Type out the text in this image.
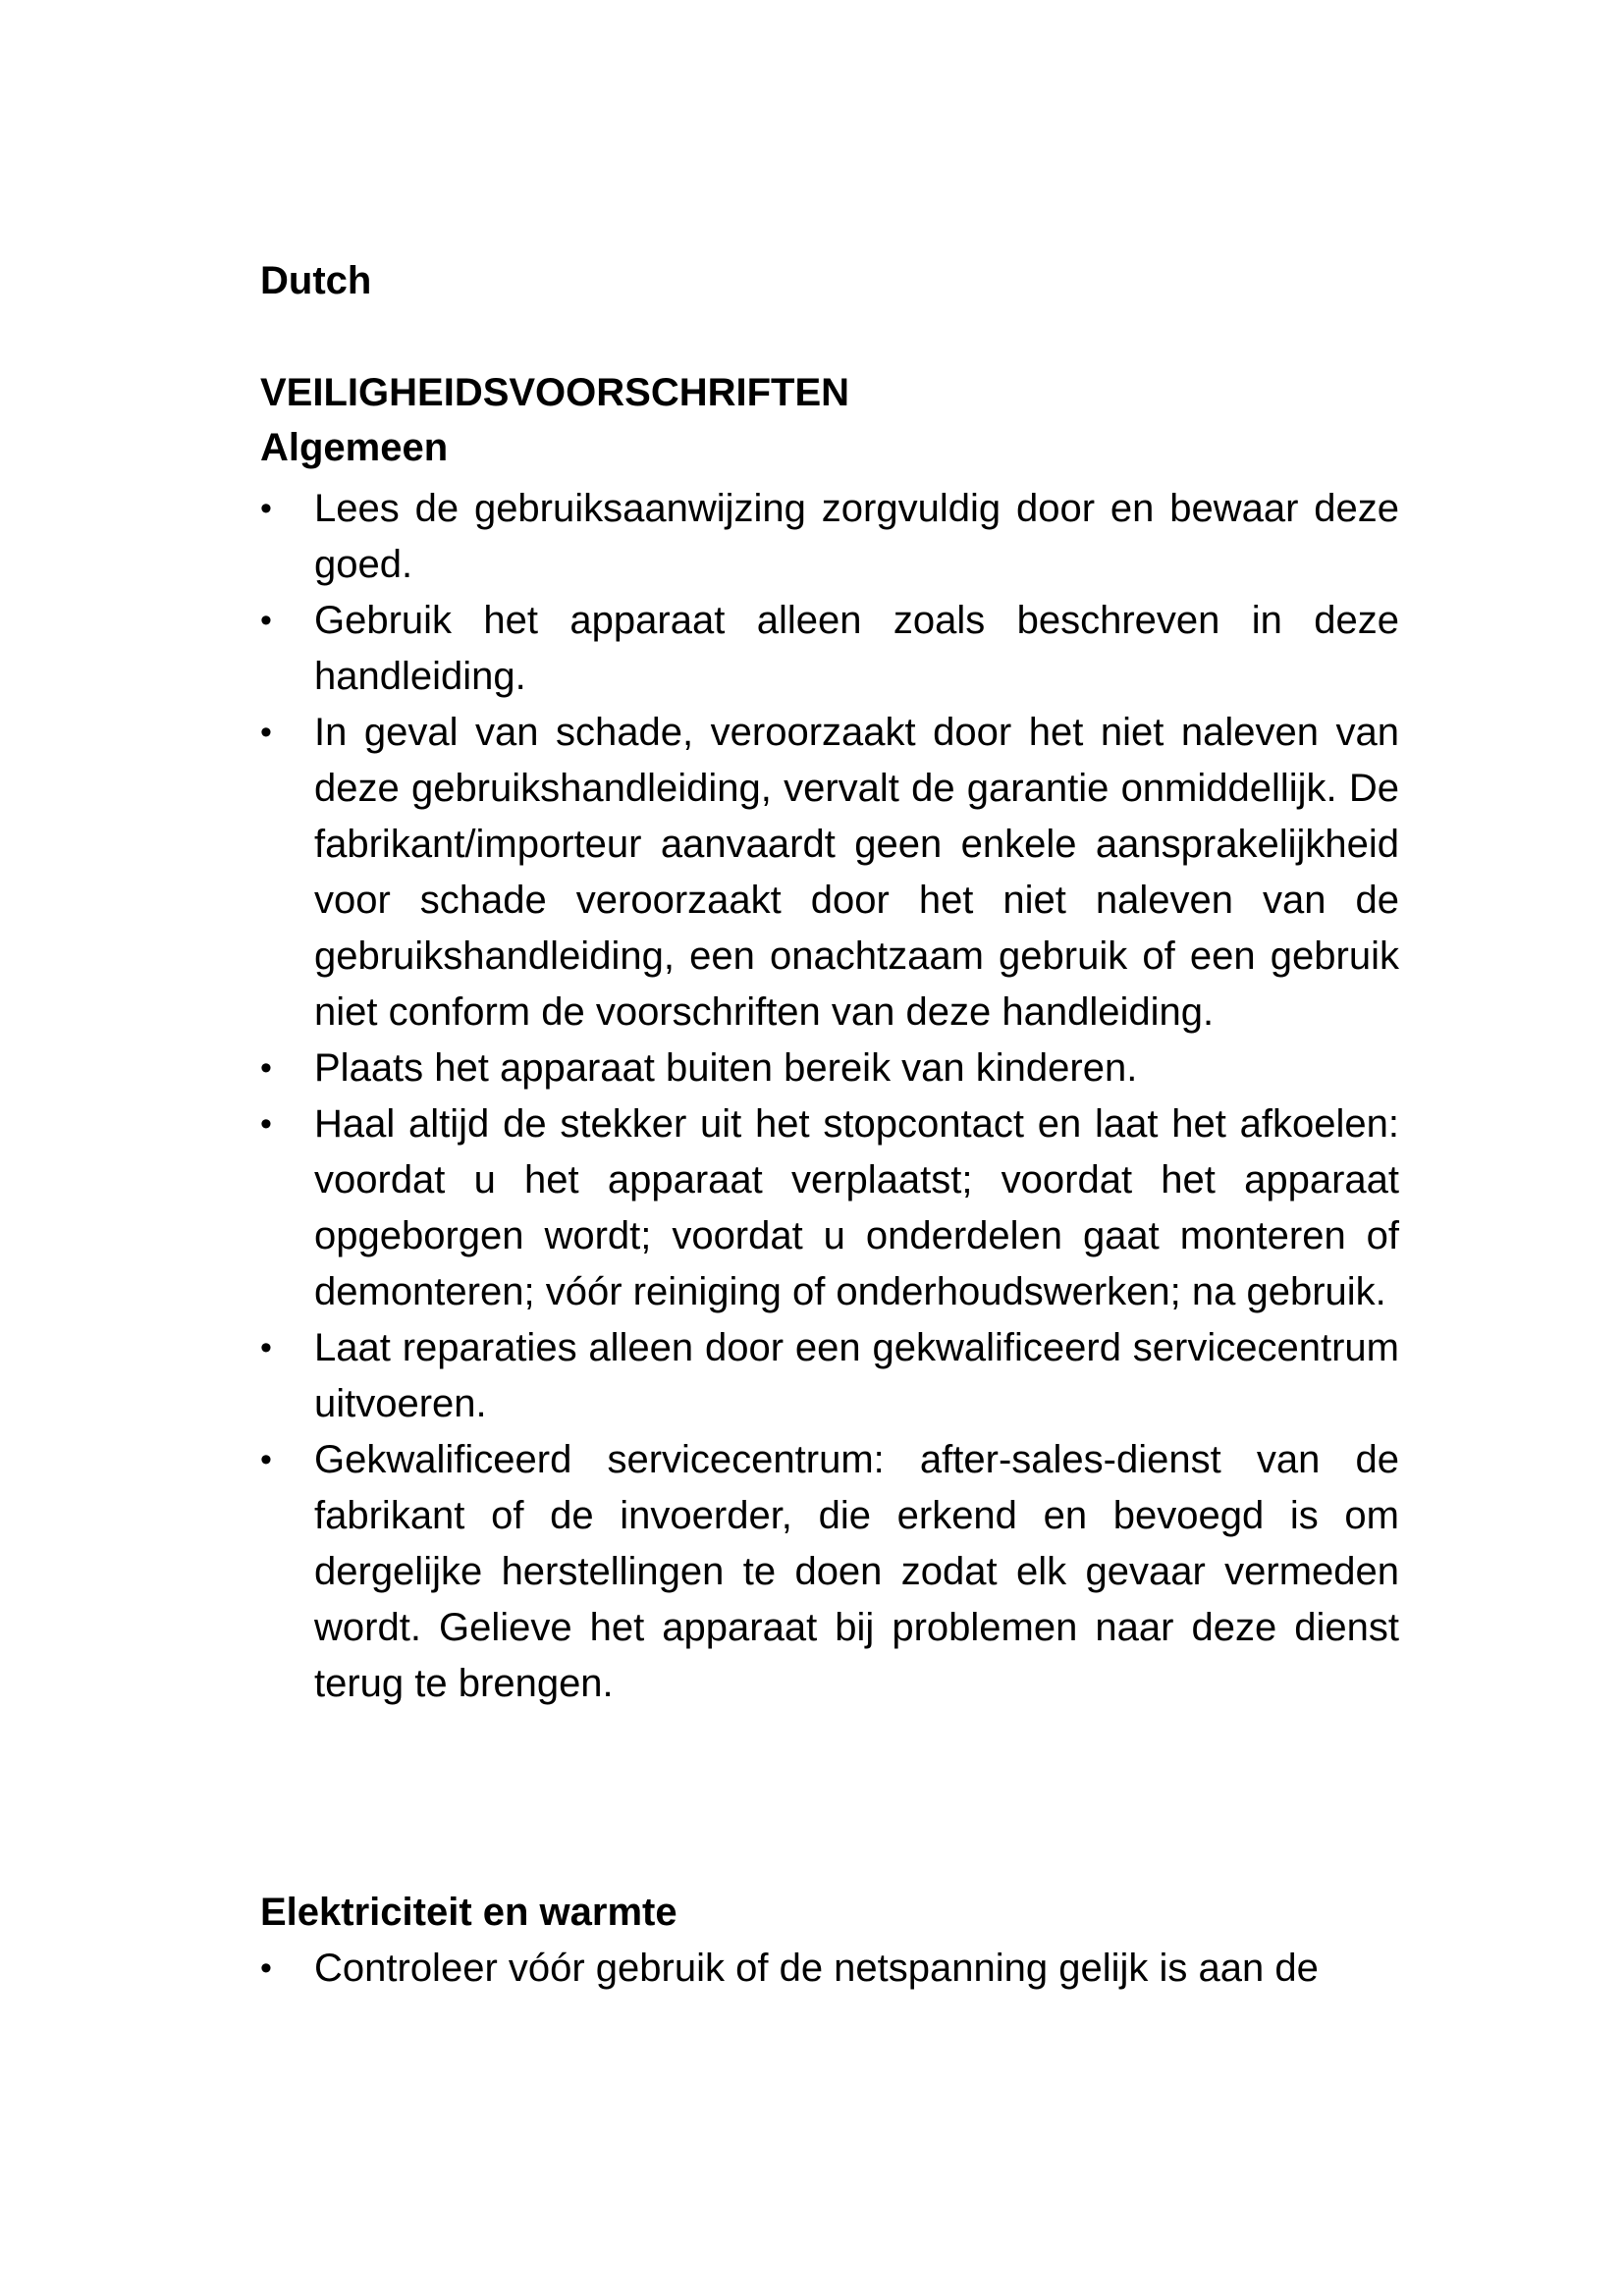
Dutch
VEILIGHEIDSVOORSCHRIFTEN
Algemeen
•	Lees de gebruiksaanwijzing zorgvuldig door en bewaar deze goed.
•	Gebruik het apparaat alleen zoals beschreven in deze handleiding.
•	In geval van schade, veroorzaakt door het niet naleven van deze gebruikshandleiding, vervalt de garantie onmiddellijk. De fabrikant/importeur aanvaardt geen enkele aansprakelijkheid voor schade veroorzaakt door het niet naleven van de gebruikshandleiding, een onachtzaam gebruik of een gebruik niet conform de voorschriften van deze handleiding.
•	Plaats het apparaat buiten bereik van kinderen.
•	Haal altijd de stekker uit het stopcontact en laat het afkoelen: voordat u het apparaat verplaatst; voordat het apparaat opgeborgen wordt; voordat u onderdelen gaat monteren of demonteren; vóór reiniging of onderhoudswerken; na gebruik.
•	Laat reparaties alleen door een gekwalificeerd servicecentrum uitvoeren.
•	Gekwalificeerd servicecentrum: after-sales-dienst van de fabrikant of de invoerder, die erkend en bevoegd is om dergelijke herstellingen te doen zodat elk gevaar vermeden wordt. Gelieve het apparaat bij problemen naar deze dienst terug te brengen.
Elektriciteit en warmte
•	Controleer vóór gebruik of de netspanning gelijk is aan de
